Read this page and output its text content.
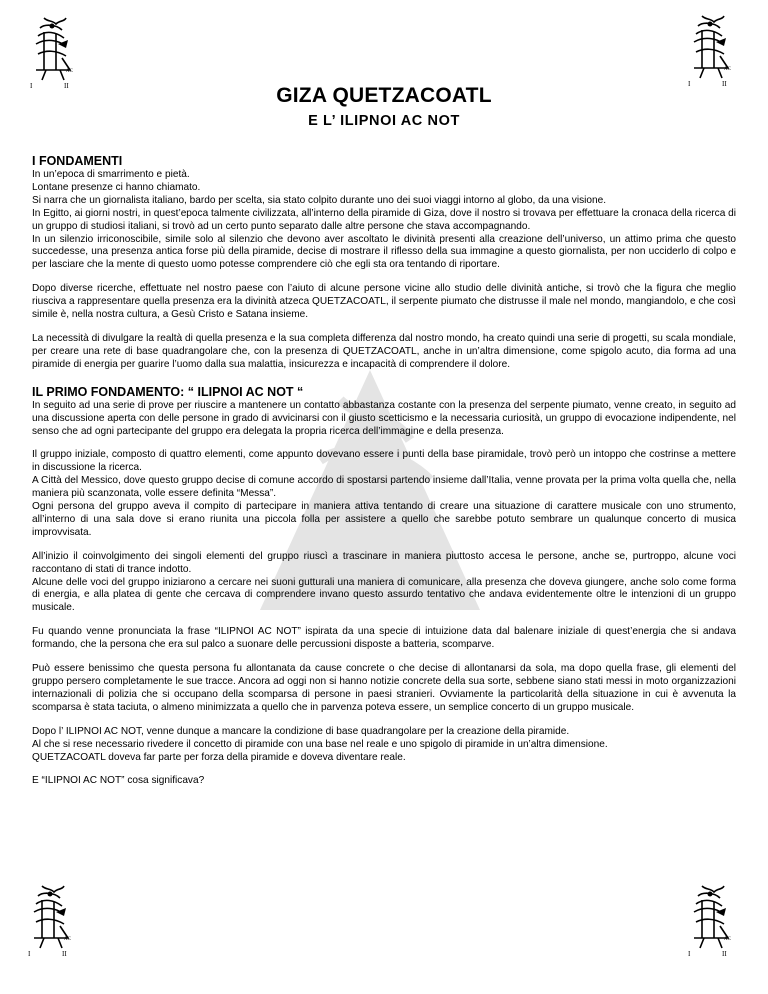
I	II
AC
I	II
AC
I	II
AC
I	II
AC
GIZA QUETZACOATL
E L’ ILIPNOI AC NOT
I FONDAMENTI

In un’epoca di smarrimento e pietà.

Lontane presenze ci hanno chiamato.

Si narra che un giornalista italiano, bardo per scelta, sia stato colpito durante uno dei suoi viaggi intorno al globo, da una visione.

In Egitto, ai giorni nostri, in quest’epoca talmente civilizzata, all’interno della piramide di Giza, dove il nostro si trovava per effettuare la cronaca della ricerca di un gruppo di studiosi italiani, si trovò ad un certo punto separato dalle altre persone che stava accompagnando.

In un silenzio irriconoscibile, simile solo al silenzio che devono aver ascoltato le divinità presenti alla creazione dell’universo, un attimo prima che questo succedesse, una presenza antica forse più della piramide, decise di mostrare il riflesso della sua immagine a questo giornalista, per non ucciderlo di colpo e per lasciare che la mente di questo uomo potesse comprendere ciò che egli sta ora tentando di riportare.

Dopo diverse ricerche, effettuate nel nostro paese con l’aiuto di alcune persone vicine allo studio delle divinità antiche, si trovò che la figura che meglio riusciva a rappresentare quella presenza era la divinità atzeca QUETZACOATL, il serpente piumato che distrusse il male nel mondo, mangiandolo, e che così simile è, nella nostra cultura, a Gesù Cristo e Satana insieme.

La necessità di divulgare la realtà di quella presenza e la sua completa differenza dal nostro mondo, ha creato quindi una serie di progetti, su scala mondiale, per creare una rete di base quadrangolare che, con la presenza di QUETZACOATL, anche in un’altra dimensione, come spigolo acuto, dia forma ad una piramide di energia per guarire l’uomo dalla sua malattia, insicurezza e incapacità di comprendere il dolore.

IL PRIMO FONDAMENTO: “ ILIPNOI AC NOT “

In seguito ad una serie di prove per riuscire a mantenere un contatto abbastanza costante con la presenza del serpente piumato, venne creato, in seguito ad una discussione aperta con delle persone in grado di avvicinarsi con il giusto scetticismo e la necessaria curiosità, un gruppo di evocazione indipendente, nel senso che ad ogni partecipante del gruppo era delegata la propria ricerca dell’immagine e della presenza.

Il gruppo iniziale, composto di quattro elementi, come appunto dovevano essere i punti della base piramidale, trovò però un intoppo che costrinse a mettere in discussione la ricerca.

A Città del Messico, dove questo gruppo decise di comune accordo di spostarsi partendo insieme dall’Italia, venne provata per la prima volta quella che, nella maniera più scanzonata, volle essere definita “Messa”.

Ogni persona del gruppo aveva il compito di partecipare in maniera attiva tentando di creare una situazione di carattere musicale con uno strumento, all’interno di una sala dove si erano riunita una piccola folla per assistere a quello che sarebbe potuto sembrare un qualunque concerto di musica improvvisata.

All’inizio il coinvolgimento dei singoli elementi del gruppo riuscì a trascinare in maniera piuttosto accesa le persone, anche se, purtroppo, alcune voci raccontano di stati di trance indotto.

Alcune delle voci del gruppo iniziarono a cercare nei suoni gutturali una maniera di comunicare, alla presenza che doveva giungere, anche solo come forma di energia, e alla platea di gente che cercava di comprendere invano questo assurdo tentativo che andava evidentemente oltre le intenzioni di un gruppo musicale.

Fu quando venne pronunciata la frase “ILIPNOI AC NOT” ispirata da una specie di intuizione data dal balenare iniziale di quest’energia che si andava formando, che la persona che era sul palco a suonare delle percussioni disposte a batteria, scomparve.

Può essere benissimo che questa persona fu allontanata da cause concrete o che decise di allontanarsi da sola, ma dopo quella frase, gli elementi del gruppo persero completamente le sue tracce. Ancora ad oggi non si hanno notizie concrete della sua sorte, sebbene siano stati messi in moto organizzazioni internazionali di polizia che si occupano della scomparsa di persone in paesi stranieri. Ovviamente la particolarità della situazione in cui è avvenuta la scomparsa è stata taciuta, o almeno minimizzata a quello che in parvenza poteva essere, un semplice concerto di un gruppo musicale.

Dopo l’ ILIPNOI AC NOT, venne dunque a mancare la condizione di base quadrangolare per la creazione della piramide.

Al che si rese necessario rivedere il concetto di piramide con una base nel reale e uno spigolo di piramide in un’altra dimensione.

QUETZACOATL doveva far parte per forza della piramide e doveva diventare reale.

E “ILIPNOI AC NOT” cosa significava?
